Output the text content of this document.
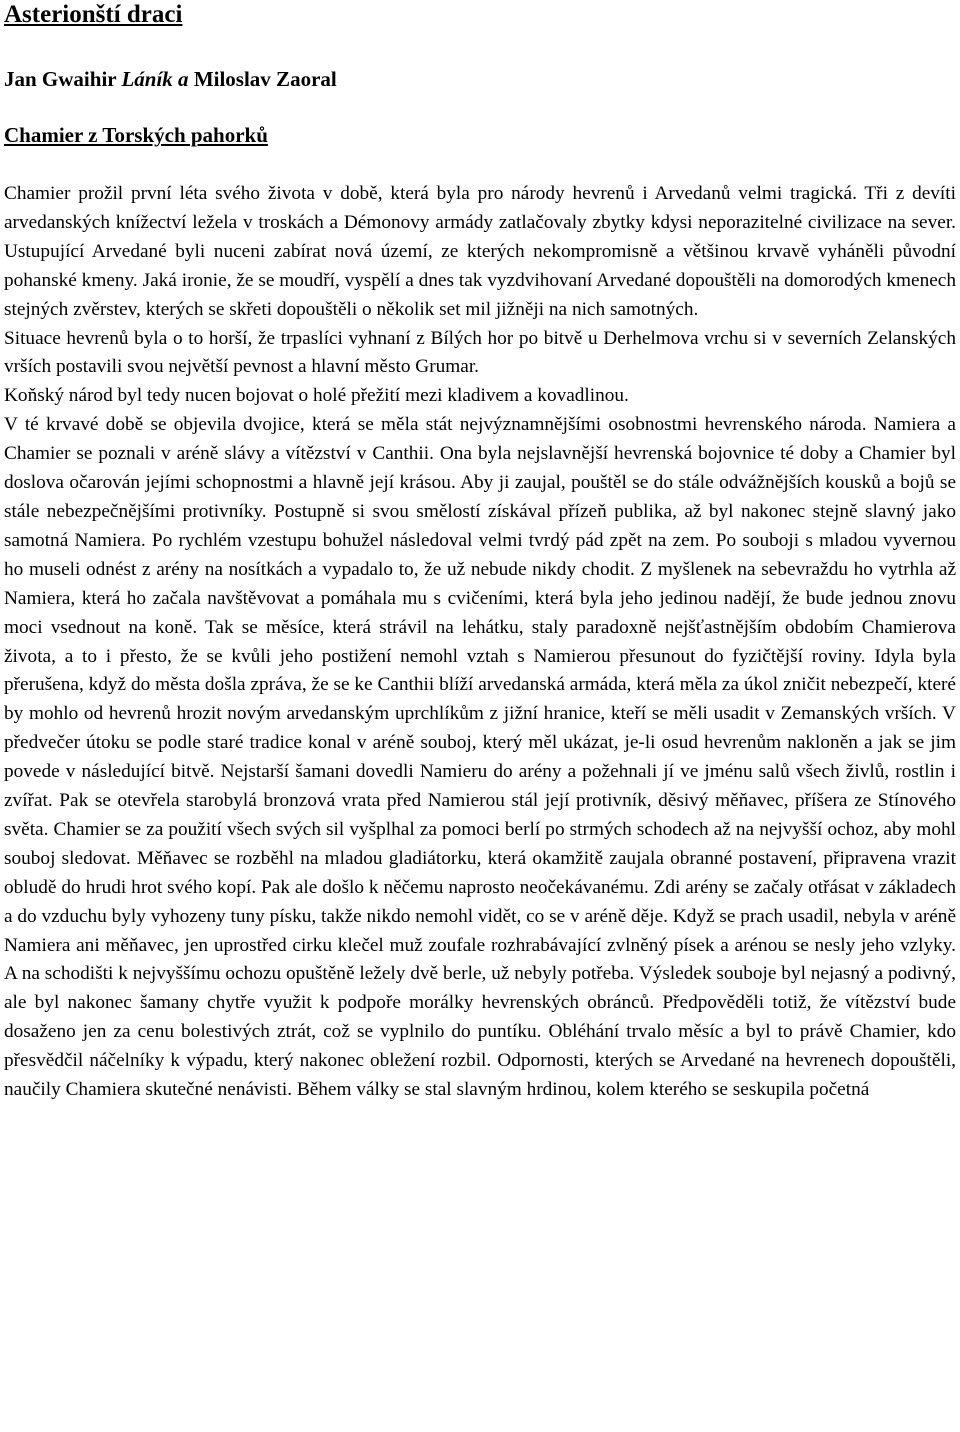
Asterionští draci

Jan Gwaihir Láník a Miloslav Zaoral

Chamier z Torských pahorků

Chamier prožil první léta svého života v době, která byla pro národy hevrenů i Arvedanů velmi tragická. Tři z devíti arvedanských knížectví ležela v troskách a Démonovy armády zatlačovaly zbytky kdysi neporazitelné civilizace na sever. Ustupující Arvedané byli nuceni zabírat nová území, ze kterých nekompromisně a většinou krvavě vyháněli původní pohanské kmeny. Jaká ironie, že se moudří, vyspělí a dnes tak vyzdvihovaní Arvedané dopouštěli na domorodých kmenech stejných zvěrstev, kterých se skřeti dopouštěli o několik set mil jižněji na nich samotných.

Situace hevrenů byla o to horší, že trpaslíci vyhnaní z Bílých hor po bitvě u Derhelmova vrchu si v severních Zelanských vrších postavili svou největší pevnost a hlavní město Grumar.

Koňský národ byl tedy nucen bojovat o holé přežití mezi kladivem a kovadlinou.

V té krvavé době se objevila dvojice, která se měla stát nejvýznamnějšími osobnostmi hevrenského národa. Namiera a Chamier se poznali v aréně slávy a vítězství v Canthii. Ona byla nejslavnější hevrenská bojovnice té doby a Chamier byl doslova očarován jejími schopnostmi a hlavně její krásou. Aby ji zaujal, pouštěl se do stále odvážnějších kousků a bojů se stále nebezpečnějšími protivníky. Postupně si svou smělostí získával přízeň publika, až byl nakonec stejně slavný jako samotná Namiera. Po rychlém vzestupu bohužel následoval velmi tvrdý pád zpět na zem. Po souboji s mladou vyvernou ho museli odnést z arény na nosítkách a vypadalo to, že už nebude nikdy chodit. Z myšlenek na sebevraždu ho vytrhla až Namiera, která ho začala navštěvovat a pomáhala mu s cvičeními, která byla jeho jedinou nadějí, že bude jednou znovu moci vsednout na koně. Tak se měsíce, která strávil na lehátku, staly paradoxně nejšťastnějším obdobím Chamierova života, a to i přesto, že se kvůli jeho postižení nemohl vztah s Namierou přesunout do fyzičtější roviny. Idyla byla přerušena, když do města došla zpráva, že se ke Canthii blíží arvedanská armáda, která měla za úkol zničit nebezpečí, které by mohlo od hevrenů hrozit novým arvedanským uprchlíkům z jižní hranice, kteří se měli usadit v Zemanských vrších. V předvečer útoku se podle staré tradice konal v aréně souboj, který měl ukázat, je-li osud hevrenům nakloněn a jak se jim povede v následující bitvě. Nejstarší šamani dovedli Namieru do arény a požehnali jí ve jménu salů všech živlů, rostlin i zvířat. Pak se otevřela starobylá bronzová vrata před Namierou stál její protivník, děsivý měňavec, příšera ze Stínového světa. Chamier se za použití všech svých sil vyšplhal za pomoci berlí po strmých schodech až na nejvyšší ochoz, aby mohl souboj sledovat. Měňavec se rozběhl na mladou gladiátorku, která okamžitě zaujala obranné postavení, připravena vrazit obludě do hrudi hrot svého kopí. Pak ale došlo k něčemu naprosto neočekávanému. Zdi arény se začaly otřásat v základech a do vzduchu byly vyhozeny tuny písku, takže nikdo nemohl vidět, co se v aréně děje. Když se prach usadil, nebyla v aréně Namiera ani měňavec, jen uprostřed cirku klečel muž zoufale rozhrabávající zvlněný písek a arénou se nesly jeho vzlyky. A na schodišti k nejvyššímu ochozu opuštěně ležely dvě berle, už nebyly potřeba. Výsledek souboje byl nejasný a podivný, ale byl nakonec šamany chytře využit k podpoře morálky hevrenských obránců. Předpověděli totiž, že vítězství bude dosaženo jen za cenu bolestivých ztrát, což se vyplnilo do puntíku. Obléhání trvalo měsíc a byl to právě Chamier, kdo přesvědčil náčelníky k výpadu, který nakonec obležení rozbil. Odpornosti, kterých se Arvedané na hevrenech dopouštěli, naučily Chamiera skutečné nenávisti. Během války se stal slavným hrdinou, kolem kterého se seskupila početná
